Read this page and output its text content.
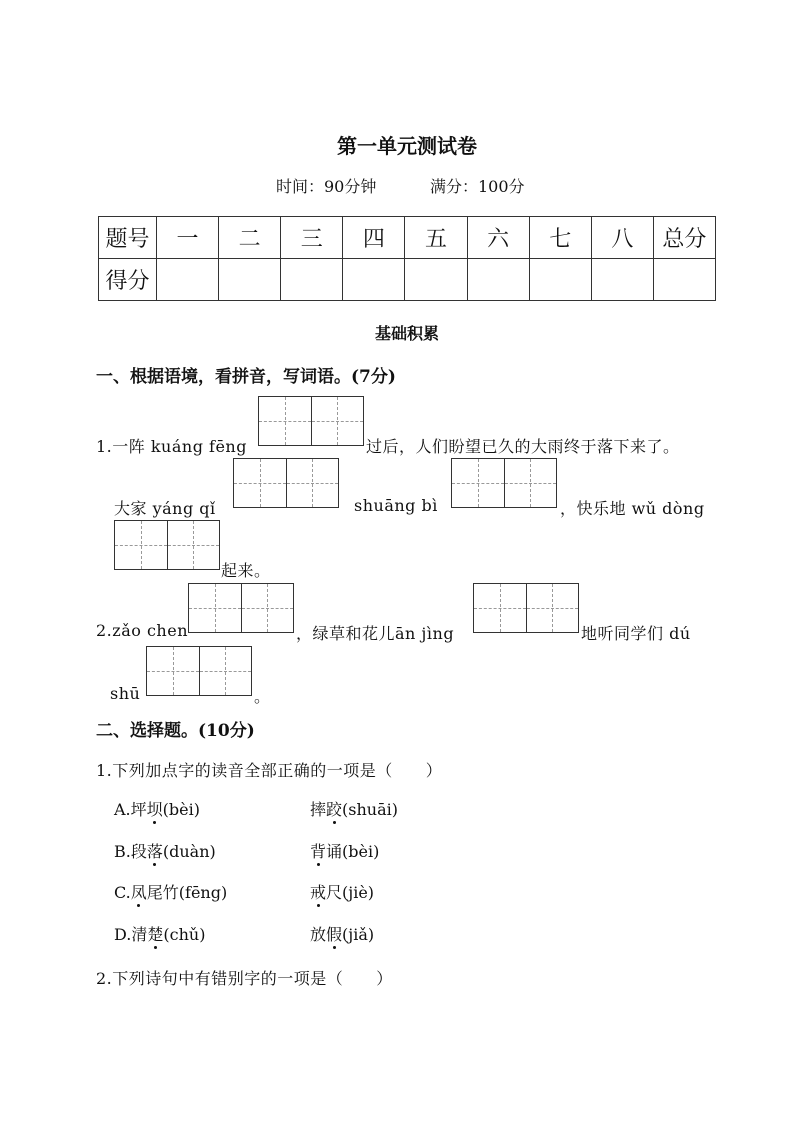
第一单元测试卷
时间：90分钟	满分：100分
题号	一	二	三	四	五	六	七	八	总分
得分									
基础积累
一、根据语境，看拼音，写词语。(7分)
1.一阵 kuáng fēng	过后，人们盼望已久的大雨终于落下来了。
大家 yáng qǐ	shuāng bì	，快乐地 wǔ dòng
起来。
2.zǎo chen	，绿草和花儿ān jìng	地听同学们 dú
shū	。
二、选择题。(10分)
1.下列加点字的读音全部正确的一项是（　　）
A.坪坝(bèi)	摔跤(shuāi)
B.段落(duàn)	背诵(bèi)
C.凤尾竹(fēng)	戒尺(jiè)
D.清楚(chǔ)	放假(jiǎ)
2.下列诗句中有错别字的一项是（　　）
